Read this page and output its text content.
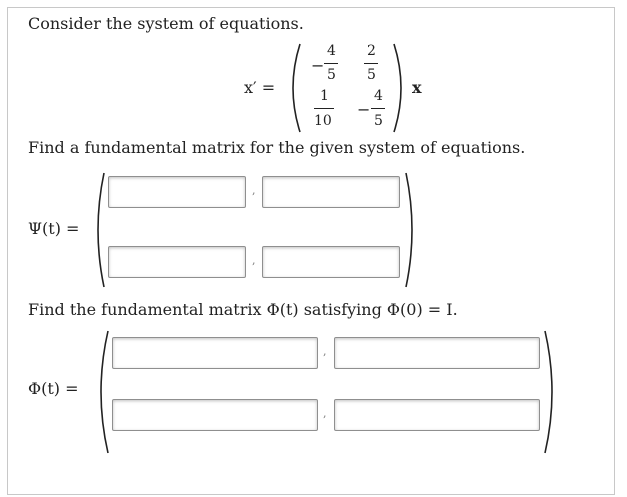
Consider the system of equations.
x′ =
−
4
5
2
5
1
10
−
4
5
x
Find a fundamental matrix for the given system of equations.
Ψ(t) =
,
,
Find the fundamental matrix Φ(t) satisfying Φ(0) = I.
Φ(t) =
,
,
